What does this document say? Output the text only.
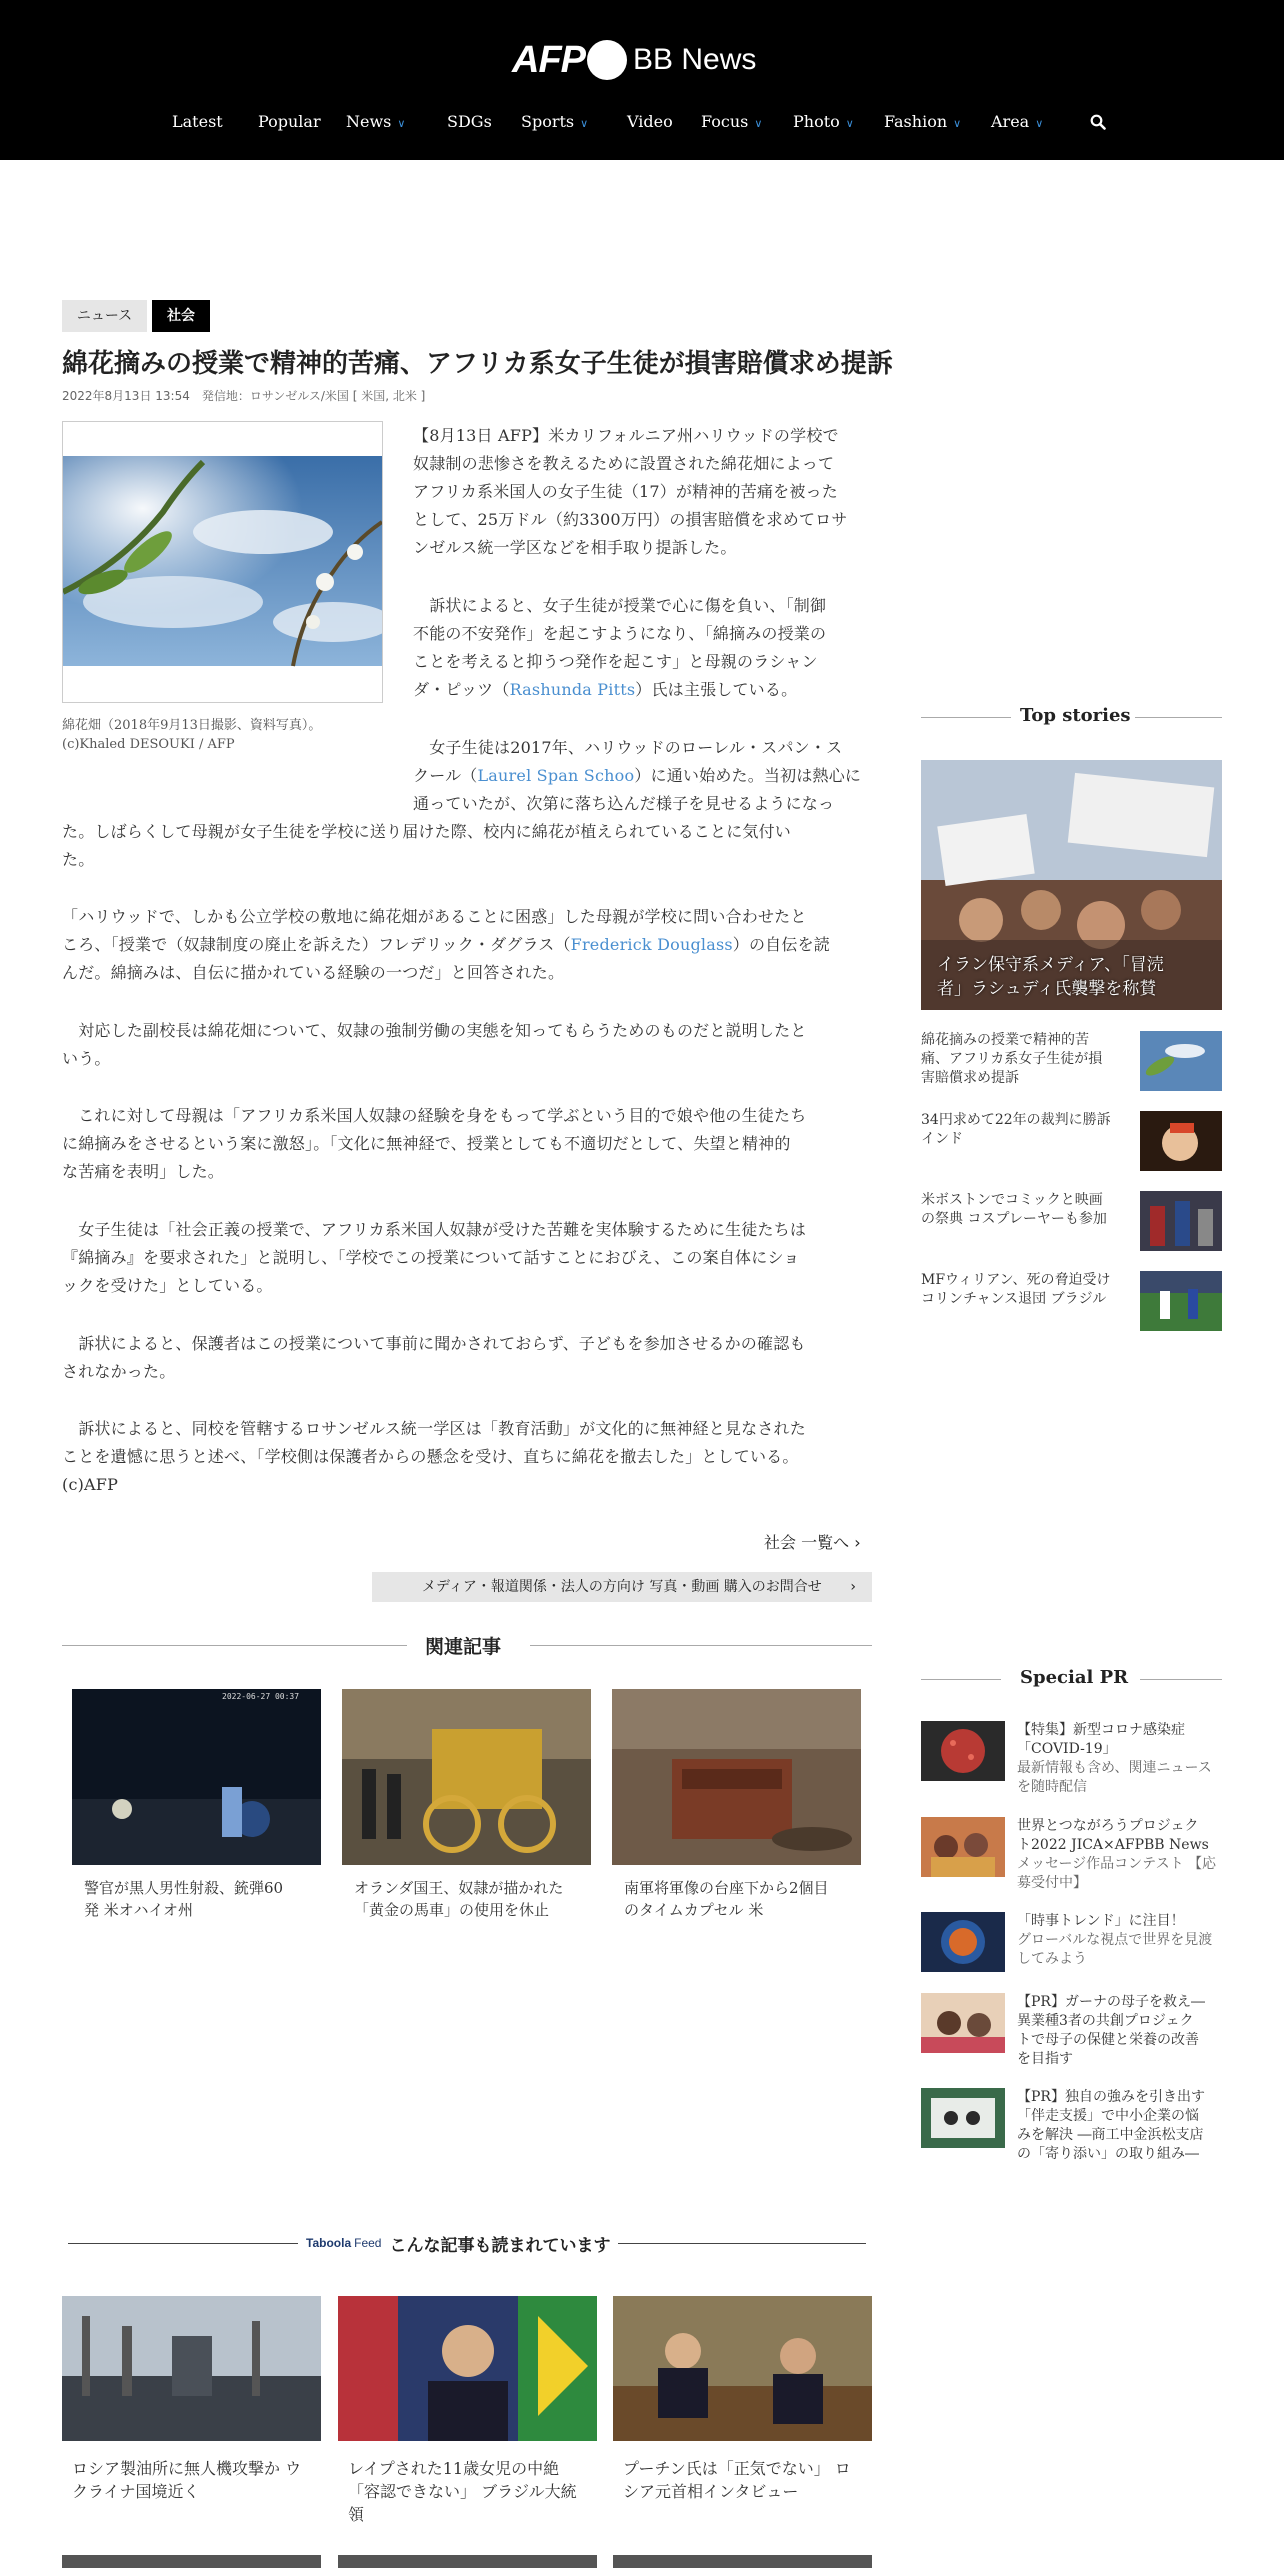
AFP BB News
Latest Popular News ∨	SDGs Sports ∨ Video Focus ∨ Photo ∨ Fashion ∨ Area ∨
ニュース	社会
綿花摘みの授業で精神的苦痛、アフリカ系女子生徒が損害賠償求め提訴
2022年8月13日 13:54　発信地：ロサンゼルス/米国 [ 米国, 北米 ]
綿花畑（2018年9月13日撮影、資料写真）。
(c)Khaled DESOUKI / AFP
【8月13日 AFP】米カリフォルニア州ハリウッドの学校で
奴隷制の悲惨さを教えるために設置された綿花畑によって
アフリカ系米国人の女子生徒（17）が精神的苦痛を被った
として、25万ドル（約3300万円）の損害賠償を求めてロサ
ンゼルス統一学区などを相手取り提訴した。
　訴状によると、女子生徒が授業で心に傷を負い、「制御
不能の不安発作」を起こすようになり、「綿摘みの授業の
ことを考えると抑うつ発作を起こす」と母親のラシャン
ダ・ピッツ（Rashunda Pitts）氏は主張している。
　女子生徒は2017年、ハリウッドのローレル・スパン・ス
クール（Laurel Span Schoo）に通い始めた。当初は熱心に
通っていたが、次第に落ち込んだ様子を見せるようになっ
た。しばらくして母親が女子生徒を学校に送り届けた際、校内に綿花が植えられていることに気付い
た。
「ハリウッドで、しかも公立学校の敷地に綿花畑があることに困惑」した母親が学校に問い合わせたと
ころ、「授業で（奴隷制度の廃止を訴えた）フレデリック・ダグラス（Frederick Douglass）の自伝を読
んだ。綿摘みは、自伝に描かれている経験の一つだ」と回答された。
　対応した副校長は綿花畑について、奴隷の強制労働の実態を知ってもらうためのものだと説明したと
いう。
　これに対して母親は「アフリカ系米国人奴隷の経験を身をもって学ぶという目的で娘や他の生徒たち
に綿摘みをさせるという案に激怒」。「文化に無神経で、授業としても不適切だとして、失望と精神的
な苦痛を表明」した。
　女子生徒は「社会正義の授業で、アフリカ系米国人奴隷が受けた苦難を実体験するために生徒たちは
『綿摘み』を要求された」と説明し、「学校でこの授業について話すことにおびえ、この案自体にショ
ックを受けた」としている。
　訴状によると、保護者はこの授業について事前に聞かされておらず、子どもを参加させるかの確認も
されなかった。
　訴状によると、同校を管轄するロサンゼルス統一学区は「教育活動」が文化的に無神経と見なされた
ことを遺憾に思うと述べ、「学校側は保護者からの懸念を受け、直ちに綿花を撤去した」としている。
(c)AFP
社会 一覧へ ›
メディア・報道関係・法人の方向け 写真・動画 購入のお問合せ ›
関連記事
2022-06-27 00:37
警官が黒人男性射殺、銃弾60
発 米オハイオ州
オランダ国王、奴隷が描かれた
「黄金の馬車」の使用を休止
南軍将軍像の台座下から2個目
のタイムカプセル 米
Top stories
イラン保守系メディア、「冒涜
者」ラシュディ氏襲撃を称賛
綿花摘みの授業で精神的苦
痛、アフリカ系女子生徒が損
害賠償求め提訴
34円求めて22年の裁判に勝訴
インド
米ボストンでコミックと映画
の祭典 コスプレーヤーも参加
MFウィリアン、死の脅迫受け
コリンチャンス退団 ブラジル
Special PR
【特集】新型コロナ感染症
「COVID-19」
最新情報も含め、関連ニュース
を随時配信
世界とつながろうプロジェク
ト2022 JICA×AFPBB News
メッセージ作品コンテスト 【応
募受付中】
「時事トレンド」に注目！
グローバルな視点で世界を見渡
してみよう
【PR】ガーナの母子を救え―
異業種3者の共創プロジェク
トで母子の保健と栄養の改善
を目指す
【PR】独自の強みを引き出す
「伴走支援」で中小企業の悩
みを解決 ―商工中金浜松支店
の「寄り添い」の取り組み―
Taboola Feed こんな記事も読まれています
ロシア製油所に無人機攻撃か ウ
クライナ国境近く
レイプされた11歳女児の中絶
「容認できない」 ブラジル大統
領
プーチン氏は「正気でない」 ロ
シア元首相インタビュー
